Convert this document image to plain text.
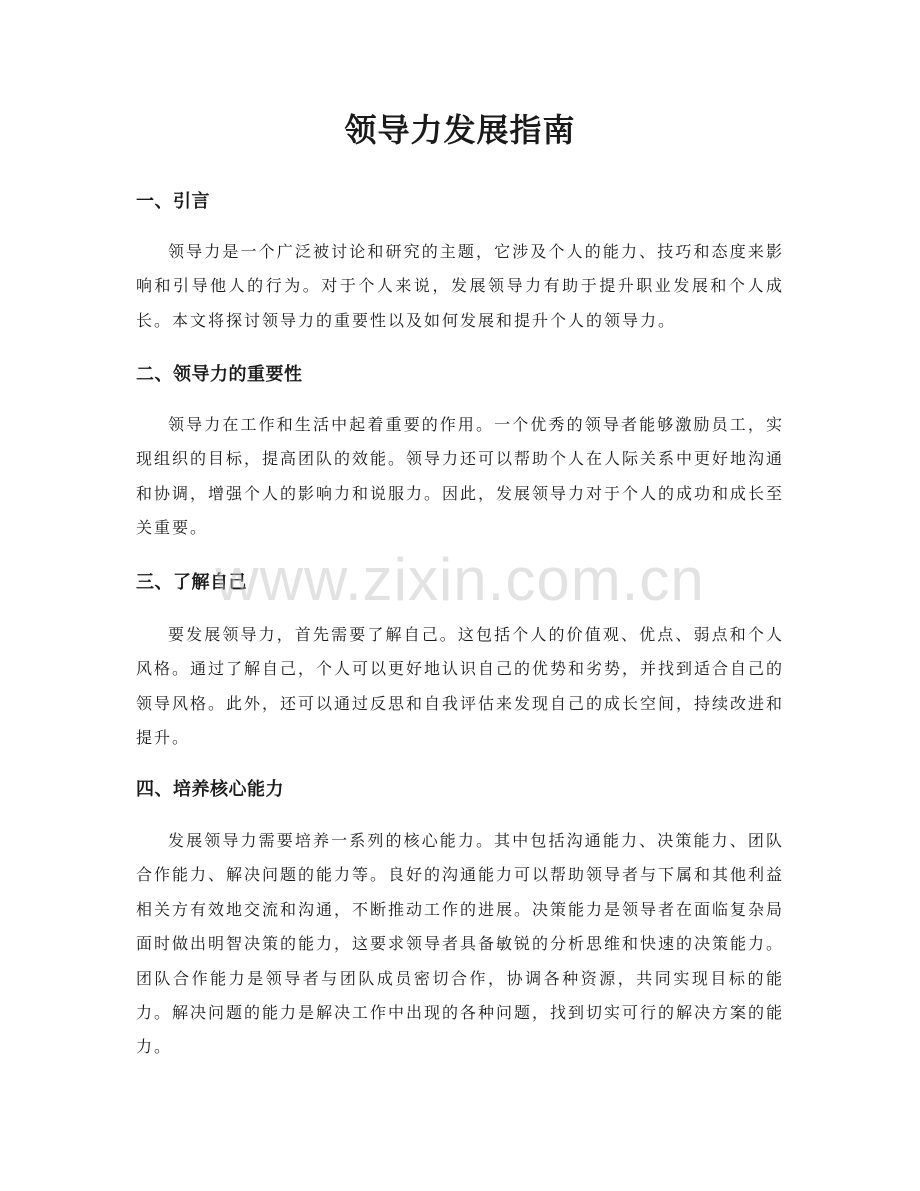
领导力发展指南
一、引言

领导力是一个广泛被讨论和研究的主题，它涉及个人的能力、技巧和态度来影响和引导他人的行为。对于个人来说，发展领导力有助于提升职业发展和个人成长。本文将探讨领导力的重要性以及如何发展和提升个人的领导力。

二、领导力的重要性

领导力在工作和生活中起着重要的作用。一个优秀的领导者能够激励员工，实现组织的目标，提高团队的效能。领导力还可以帮助个人在人际关系中更好地沟通和协调，增强个人的影响力和说服力。因此，发展领导力对于个人的成功和成长至关重要。

三、了解自己

要发展领导力，首先需要了解自己。这包括个人的价值观、优点、弱点和个人风格。通过了解自己，个人可以更好地认识自己的优势和劣势，并找到适合自己的领导风格。此外，还可以通过反思和自我评估来发现自己的成长空间，持续改进和提升。

四、培养核心能力

发展领导力需要培养一系列的核心能力。其中包括沟通能力、决策能力、团队合作能力、解决问题的能力等。良好的沟通能力可以帮助领导者与下属和其他利益相关方有效地交流和沟通，不断推动工作的进展。决策能力是领导者在面临复杂局面时做出明智决策的能力，这要求领导者具备敏锐的分析思维和快速的决策能力。团队合作能力是领导者与团队成员密切合作，协调各种资源，共同实现目标的能力。解决问题的能力是解决工作中出现的各种问题，找到切实可行的解决方案的能力。

www.zixin.com.cn
